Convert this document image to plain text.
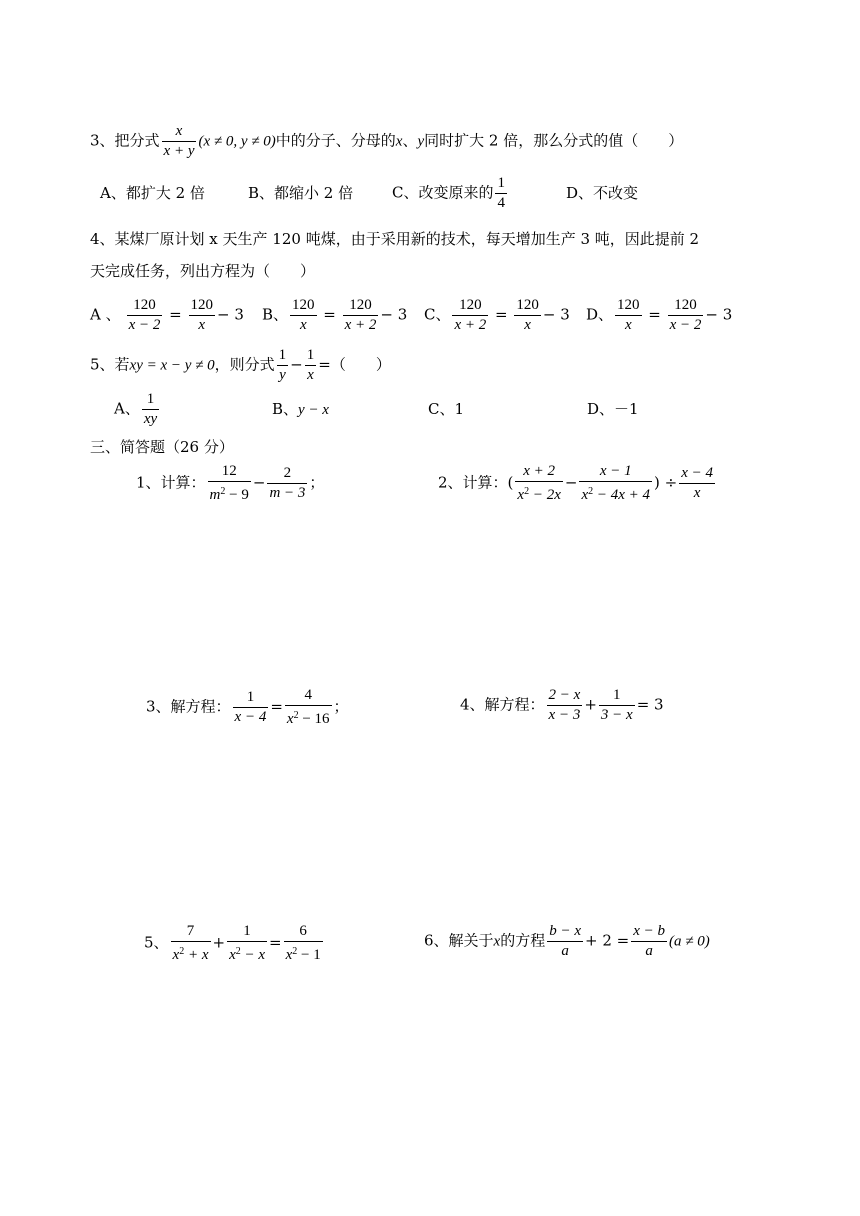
3、把分式 $\frac{x}{x + y} (x \ne 0$, y ≠ 0)中的分子、分母的x、y同时扩大 2 倍，那么分式的值（　　）
A、都扩大 2 倍	B、都缩小 2 倍	C、改变原来的 $\frac{1}{4}$	D、不改变
4、某煤厂原计划 x 天生产 120 吨煤，由于采用新的技术，每天增加生产 3 吨，因此提前 2
天完成任务，列出方程为（　　）
A 、 $\frac{120}{x - 2} = \frac{120}{x} - 3$ B、 $\frac{120}{x} = \frac{120}{x + 2} - 3$ C、 $\frac{120}{x + 2} = \frac{120}{x} - 3$ D、 $\frac{120}{x} = \frac{120}{x - 2} - 3$
5、若xy = x − y ≠ 0，则分式 $\frac{1}{y} - \frac{1}{x}$ =（　　）
A、 $\frac{1}{xy}$	B、y − x	C、1	D、－1
三、简答题（26 分）
1、计算： $\frac{12}{m^2 - 9} - \frac{2}{m - 3}$ ；	2、计算：( $\frac{x + 2}{x^2 - 2x} - \frac{x - 1}{x^2 - 4x + 4}$ ) ÷ $\frac{x - 4}{x}$
3、解方程： $\frac{1}{x - 4} = \frac{4}{x^2 - 16}$ ；	4、解方程： $\frac{2 - x}{x - 3} + \frac{1}{3 - x} = 3$
5、 $\frac{7}{x^2 + x} + \frac{1}{x^2 - x} = \frac{6}{x^2 - 1}$	6、解关于x的方程 $\frac{b - x}{a} + 2 = \frac{x - b}{a} (a \ne 0)$
